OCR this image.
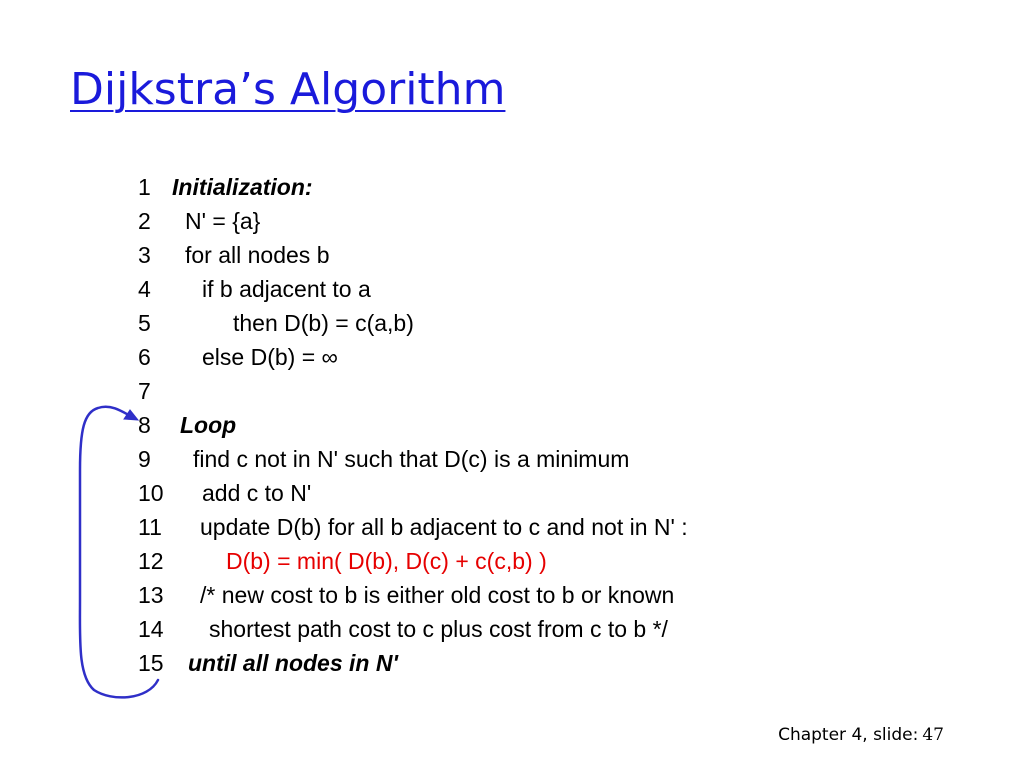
Dijkstra’s Algorithm

1

Initialization:

2

N' = {a}

3

for all nodes b

4

if b adjacent to a

5

	then D(b) = c(a,b)

6

else D(b) = ∞

7

8

Loop

9

find c not in N' such that D(c) is a minimum

10

add c to N'

11

update D(b) for all b adjacent to c and not in N' :

12

	D(b) = min( D(b), D(c) + c(c,b) )

13

/* new cost to b is either old cost to b or known

14

shortest path cost to c plus cost from c to b */

15

until all nodes in N'

Chapter 4, slide: 47
